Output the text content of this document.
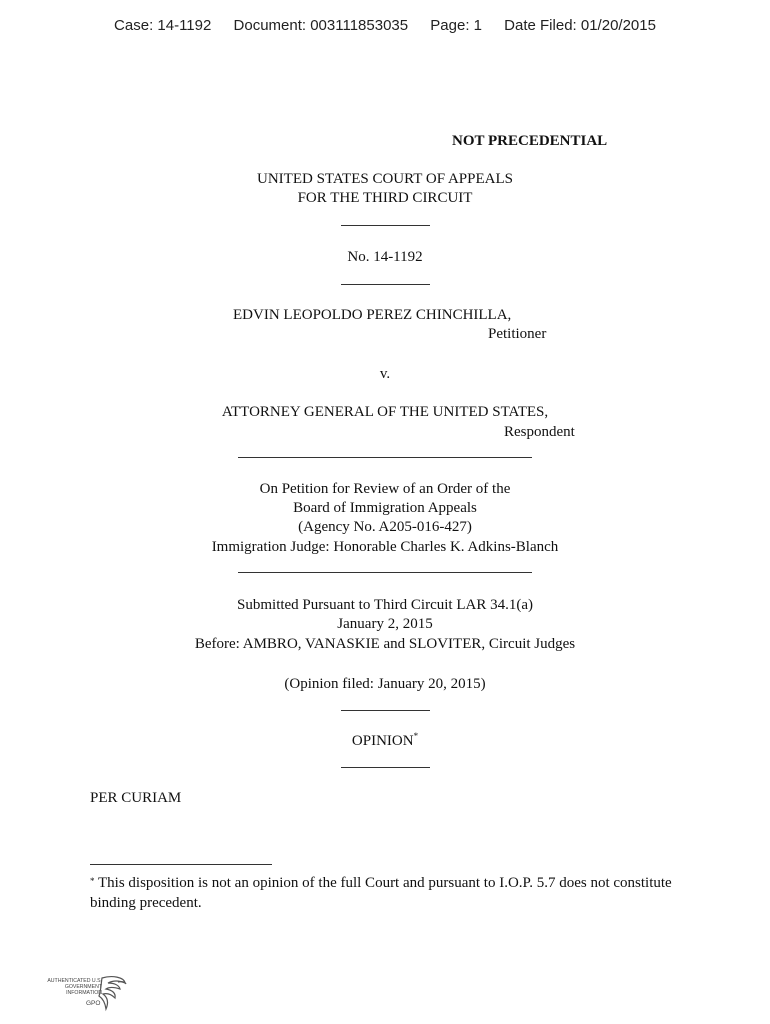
Case: 14-1192 Document: 003111853035 Page: 1 Date Filed: 01/20/2015
NOT PRECEDENTIAL
UNITED STATES COURT OF APPEALS
FOR THE THIRD CIRCUIT
No. 14-1192
EDVIN LEOPOLDO PEREZ CHINCHILLA,
Petitioner
v.
ATTORNEY GENERAL OF THE UNITED STATES,
Respondent
On Petition for Review of an Order of the
Board of Immigration Appeals
(Agency No. A205-016-427)
Immigration Judge: Honorable Charles K. Adkins-Blanch
Submitted Pursuant to Third Circuit LAR 34.1(a)
January 2, 2015
Before: AMBRO, VANASKIE and SLOVITER, Circuit Judges
(Opinion filed: January 20, 2015)
OPINION*
PER CURIAM
* This disposition is not an opinion of the full Court and pursuant to I.O.P. 5.7 does not constitute binding precedent.
AUTHENTICATED U.S. GOVERNMENT INFORMATION
GPO
